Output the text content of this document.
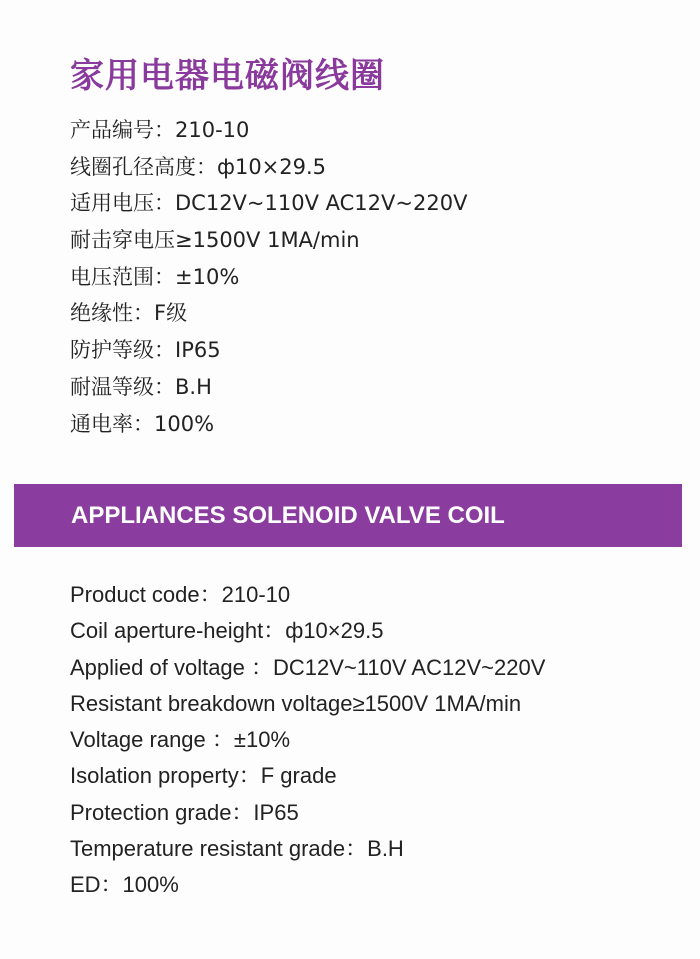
家用电器电磁阀线圈
产品编号：210-10
线圈孔径高度：ф10×29.5
适用电压：DC12V~110V AC12V~220V
耐击穿电压≥1500V 1MA/min
电压范围：±10%
绝缘性：F级
防护等级：IP65
耐温等级：B.H
通电率：100%
APPLIANCES SOLENOID VALVE COIL
Product code：210-10
Coil aperture-height：ф10×29.5
Applied of voltage ：DC12V~110V AC12V~220V
Resistant breakdown voltage≥1500V 1MA/min
Voltage range ：±10%
Isolation property：F grade
Protection grade：IP65
Temperature resistant grade：B.H
ED：100%
